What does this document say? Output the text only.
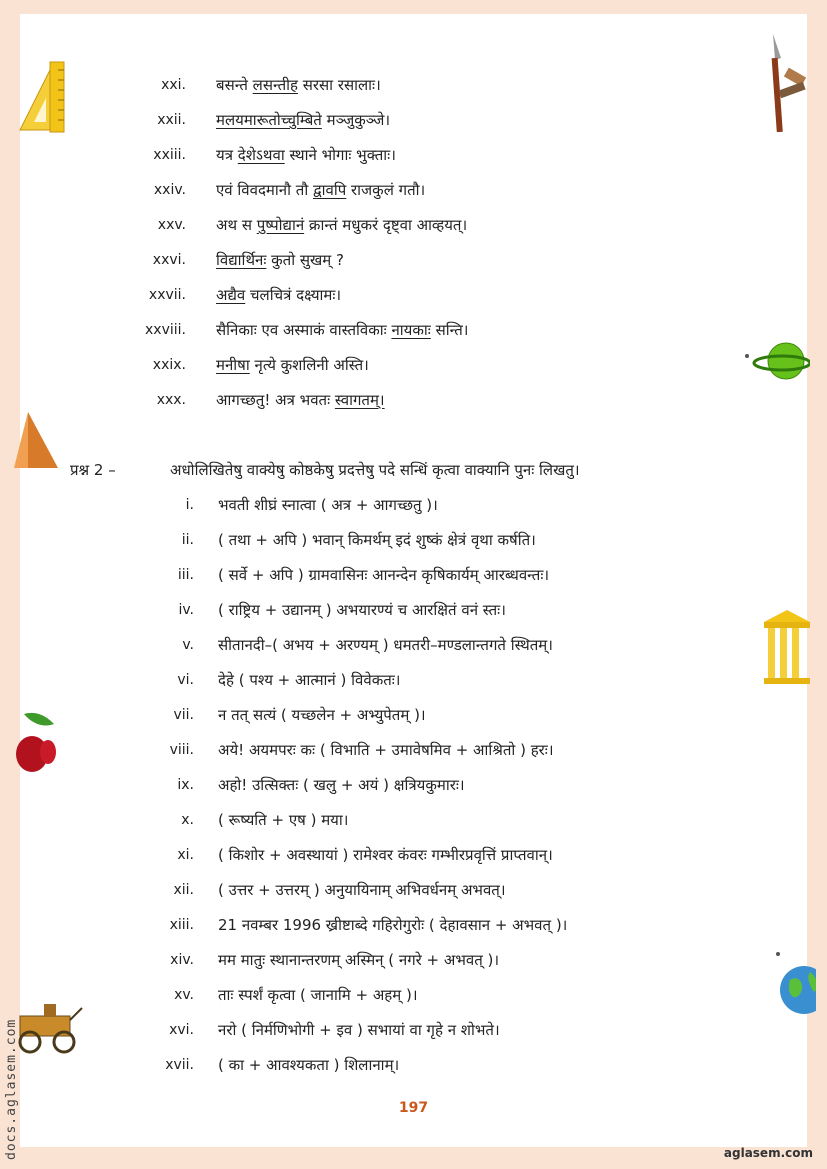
xxi. बसन्ते लसन्तीह सरसा रसालाः।
xxii. मलयमारूतोच्चुम्बिते मञ्जुकुञ्जे।
xxiii. यत्र देशेऽथवा स्थाने भोगाः भुक्ताः।
xxiv. एवं विवदमानौ तौ द्वावपि राजकुलं गतौ।
xxv. अथ स पुष्पोद्यानं क्रान्तं मधुकरं दृष्ट्वा आव्हयत्।
xxvi. विद्यार्थिनः कुतो सुखम् ?
xxvii. अद्यैव चलचित्रं दक्ष्यामः।
xxviii. सैनिकाः एव अस्माकं वास्तविकाः नायकाः सन्ति।
xxix. मनीषा नृत्ये कुशलिनी अस्ति।
xxx. आगच्छतु! अत्र भवतः स्वागतम्।
प्रश्न 2 –	अधोलिखितेषु वाक्येषु कोष्ठकेषु प्रदत्तेषु पदे सन्धिं कृत्वा वाक्यानि पुनः लिखतु।
i. भवती शीघ्रं स्नात्वा ( अत्र + आगच्छतु )।
ii. ( तथा + अपि ) भवान् किमर्थम् इदं शुष्कं क्षेत्रं वृथा कर्षति।
iii. ( सर्वे + अपि ) ग्रामवासिनः आनन्देन कृषिकार्यम् आरब्धवन्तः।
iv. ( राष्ट्रिय + उद्यानम् ) अभयारण्यं च आरक्षितं वनं स्तः।
v. सीतानदी–( अभय + अरण्यम् ) धमतरी–मण्डलान्तगते स्थितम्।
vi. देहे ( पश्य + आत्मानं ) विवेकतः।
vii. न तत् सत्यं ( यच्छलेन + अभ्युपेतम् )।
viii. अये! अयमपरः कः ( विभाति + उमावेषमिव + आश्रितो ) हरः।
ix. अहो! उत्सिक्तः ( खलु + अयं ) क्षत्रियकुमारः।
x. ( रूष्यति + एष ) मया।
xi. ( किशोर + अवस्थायां ) रामेश्वर कंवरः गम्भीरप्रवृत्तिं प्राप्तवान्।
xii. ( उत्तर + उत्तरम् ) अनुयायिनाम् अभिवर्धनम् अभवत्।
xiii. 21 नवम्बर 1996 ख्रीष्टाब्दे गहिरोगुरोः ( देहावसान + अभवत् )।
xiv. मम मातुः स्थानान्तरणम् अस्मिन् ( नगरे + अभवत् )।
xv. ताः स्पर्शं कृत्वा ( जानामि + अहम् )।
xvi. नरो ( निर्मणिभोगी + इव ) सभायां वा गृहे न शोभते।
xvii. ( का + आवश्यकता ) शिलानाम्।
197
aglasem.com
docs.aglasem.com
